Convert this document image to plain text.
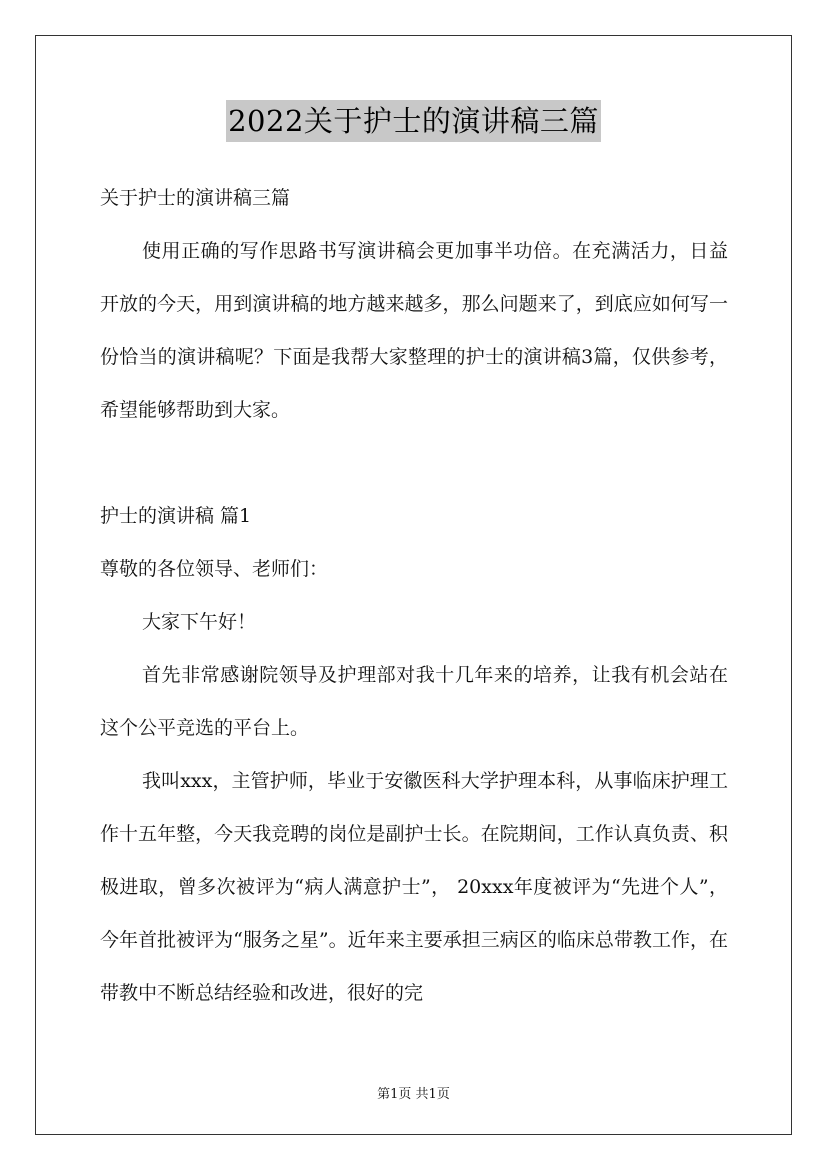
2022关于护士的演讲稿三篇

关于护士的演讲稿三篇

使用正确的写作思路书写演讲稿会更加事半功倍。在充满活力，日益开放的今天，用到演讲稿的地方越来越多，那么问题来了，到底应如何写一份恰当的演讲稿呢？下面是我帮大家整理的护士的演讲稿3篇，仅供参考，希望能够帮助到大家。

护士的演讲稿 篇1

尊敬的各位领导、老师们：

大家下午好！

首先非常感谢院领导及护理部对我十几年来的培养，让我有机会站在这个公平竞选的平台上。

我叫xxx，主管护师，毕业于安徽医科大学护理本科，从事临床护理工作十五年整，今天我竞聘的岗位是副护士长。在院期间，工作认真负责、积极进取，曾多次被评为“病人满意护士”， 20xxx年度被评为“先进个人”，今年首批被评为“服务之星”。近年来主要承担三病区的临床总带教工作，在带教中不断总结经验和改进，很好的完

第1页 共1页
